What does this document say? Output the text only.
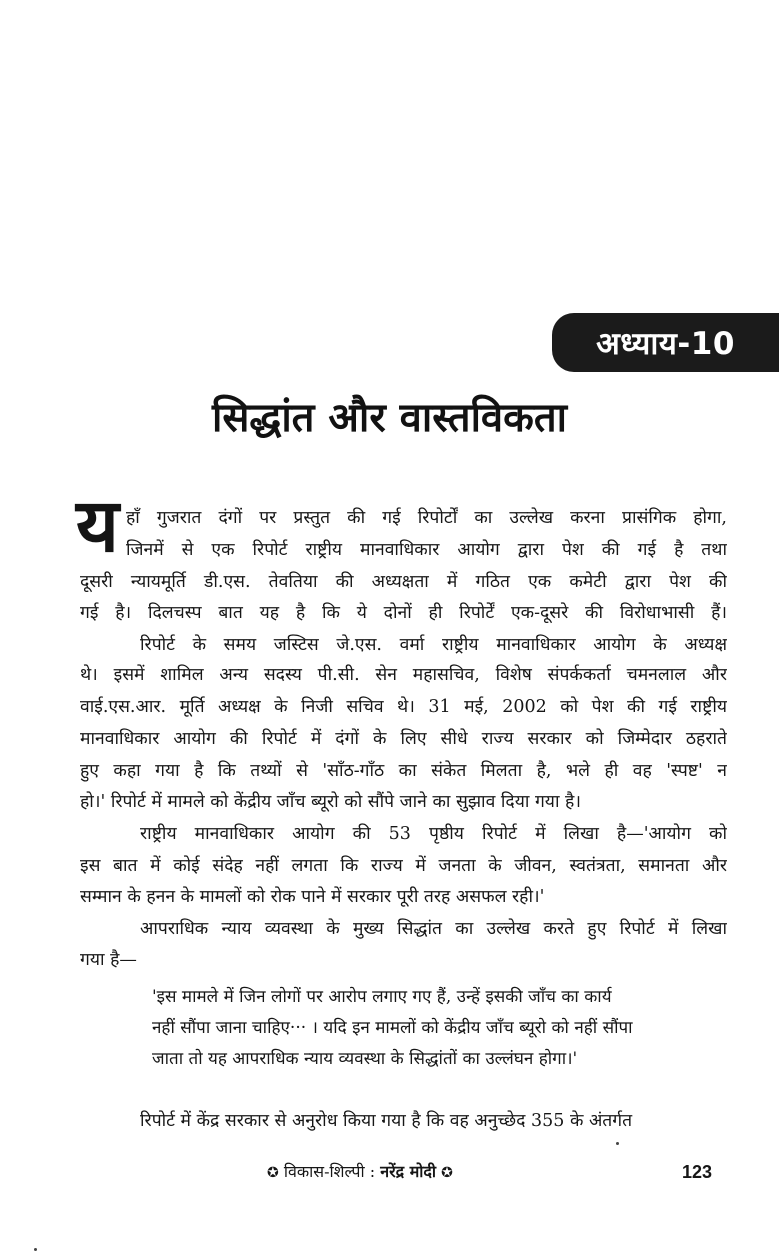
अध्याय-10
सिद्धांत और वास्तविकता
य हाँ गुजरात दंगों पर प्रस्तुत की गई रिपोर्टों का उल्लेख करना प्रासंगिक होगा,
जिनमें से एक रिपोर्ट राष्ट्रीय मानवाधिकार आयोग द्वारा पेश की गई है तथा
दूसरी न्यायमूर्ति डी.एस. तेवतिया की अध्यक्षता में गठित एक कमेटी द्वारा पेश की
गई है। दिलचस्प बात यह है कि ये दोनों ही रिपोर्टें एक-दूसरे की विरोधाभासी हैं।
रिपोर्ट के समय जस्टिस जे.एस. वर्मा राष्ट्रीय मानवाधिकार आयोग के अध्यक्ष
थे। इसमें शामिल अन्य सदस्य पी.सी. सेन महासचिव, विशेष संपर्ककर्ता चमनलाल और
वाई.एस.आर. मूर्ति अध्यक्ष के निजी सचिव थे। 31 मई, 2002 को पेश की गई राष्ट्रीय
मानवाधिकार आयोग की रिपोर्ट में दंगों के लिए सीधे राज्य सरकार को जिम्मेदार ठहराते
हुए कहा गया है कि तथ्यों से 'साँठ-गाँठ का संकेत मिलता है, भले ही वह 'स्पष्ट' न
हो।' रिपोर्ट में मामले को केंद्रीय जाँच ब्यूरो को सौंपे जाने का सुझाव दिया गया है।
राष्ट्रीय मानवाधिकार आयोग की 53 पृष्ठीय रिपोर्ट में लिखा है—'आयोग को
इस बात में कोई संदेह नहीं लगता कि राज्य में जनता के जीवन, स्वतंत्रता, समानता और
सम्मान के हनन के मामलों को रोक पाने में सरकार पूरी तरह असफल रही।'
आपराधिक न्याय व्यवस्था के मुख्य सिद्धांत का उल्लेख करते हुए रिपोर्ट में लिखा
गया है—
'इस मामले में जिन लोगों पर आरोप लगाए गए हैं, उन्हें इसकी जाँच का कार्य
नहीं सौंपा जाना चाहिए··· । यदि इन मामलों को केंद्रीय जाँच ब्यूरो को नहीं सौंपा
जाता तो यह आपराधिक न्याय व्यवस्था के सिद्धांतों का उल्लंघन होगा।'
रिपोर्ट में केंद्र सरकार से अनुरोध किया गया है कि वह अनुच्छेद 355 के अंतर्गत
✪ विकास-शिल्पी : नरेंद्र मोदी ✪	123
